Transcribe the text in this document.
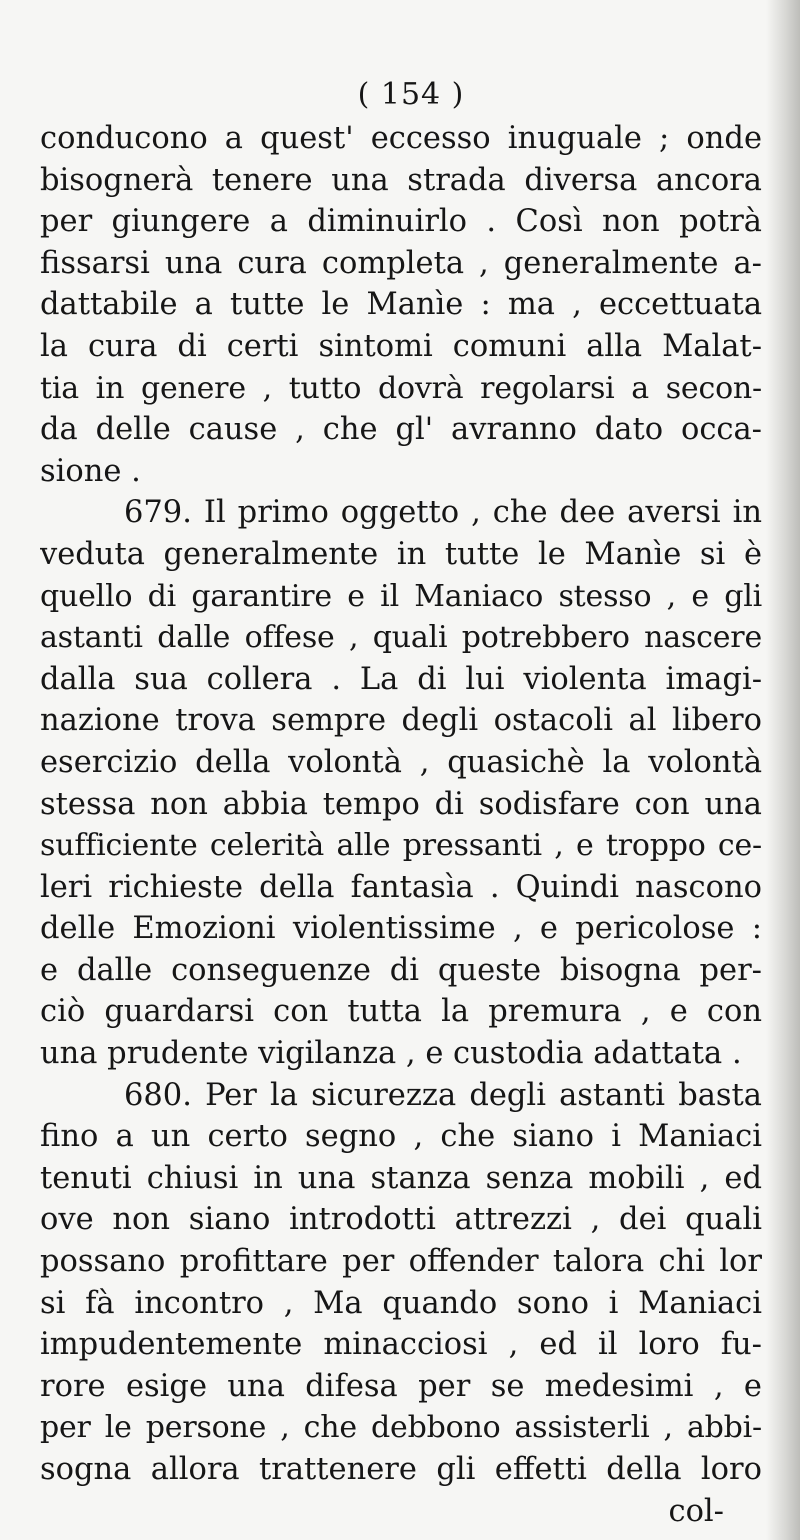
( 154 )
conducono a quest' eccesso inuguale ; onde
bisognerà tenere una strada diversa ancora
per giungere a diminuirlo . Così non potrà
fissarsi una cura completa , generalmente a-
dattabile a tutte le Manìe : ma , eccettuata
la cura di certi sintomi comuni alla Malat-
tia in genere , tutto dovrà regolarsi a secon-
da delle cause , che gl' avranno dato occa-
sione .
679. Il primo oggetto , che dee aversi in
veduta generalmente in tutte le Manìe si è
quello di garantire e il Maniaco stesso , e gli
astanti dalle offese , quali potrebbero nascere
dalla sua collera . La di lui violenta imagi-
nazione trova sempre degli ostacoli al libero
esercizio della volontà , quasichè la volontà
stessa non abbia tempo di sodisfare con una
sufficiente celerità alle pressanti , e troppo ce-
leri richieste della fantasìa . Quindi nascono
delle Emozioni violentissime , e pericolose :
e dalle conseguenze di queste bisogna per-
ciò guardarsi con tutta la premura , e con
una prudente vigilanza , e custodia adattata .
680. Per la sicurezza degli astanti basta
fino a un certo segno , che siano i Maniaci
tenuti chiusi in una stanza senza mobili , ed
ove non siano introdotti attrezzi , dei quali
possano profittare per offender talora chi lor
si fà incontro , Ma quando sono i Maniaci
impudentemente minacciosi , ed il loro fu-
rore esige una difesa per se medesimi , e
per le persone , che debbono assisterli , abbi-
sogna allora trattenere gli effetti della loro
col-
